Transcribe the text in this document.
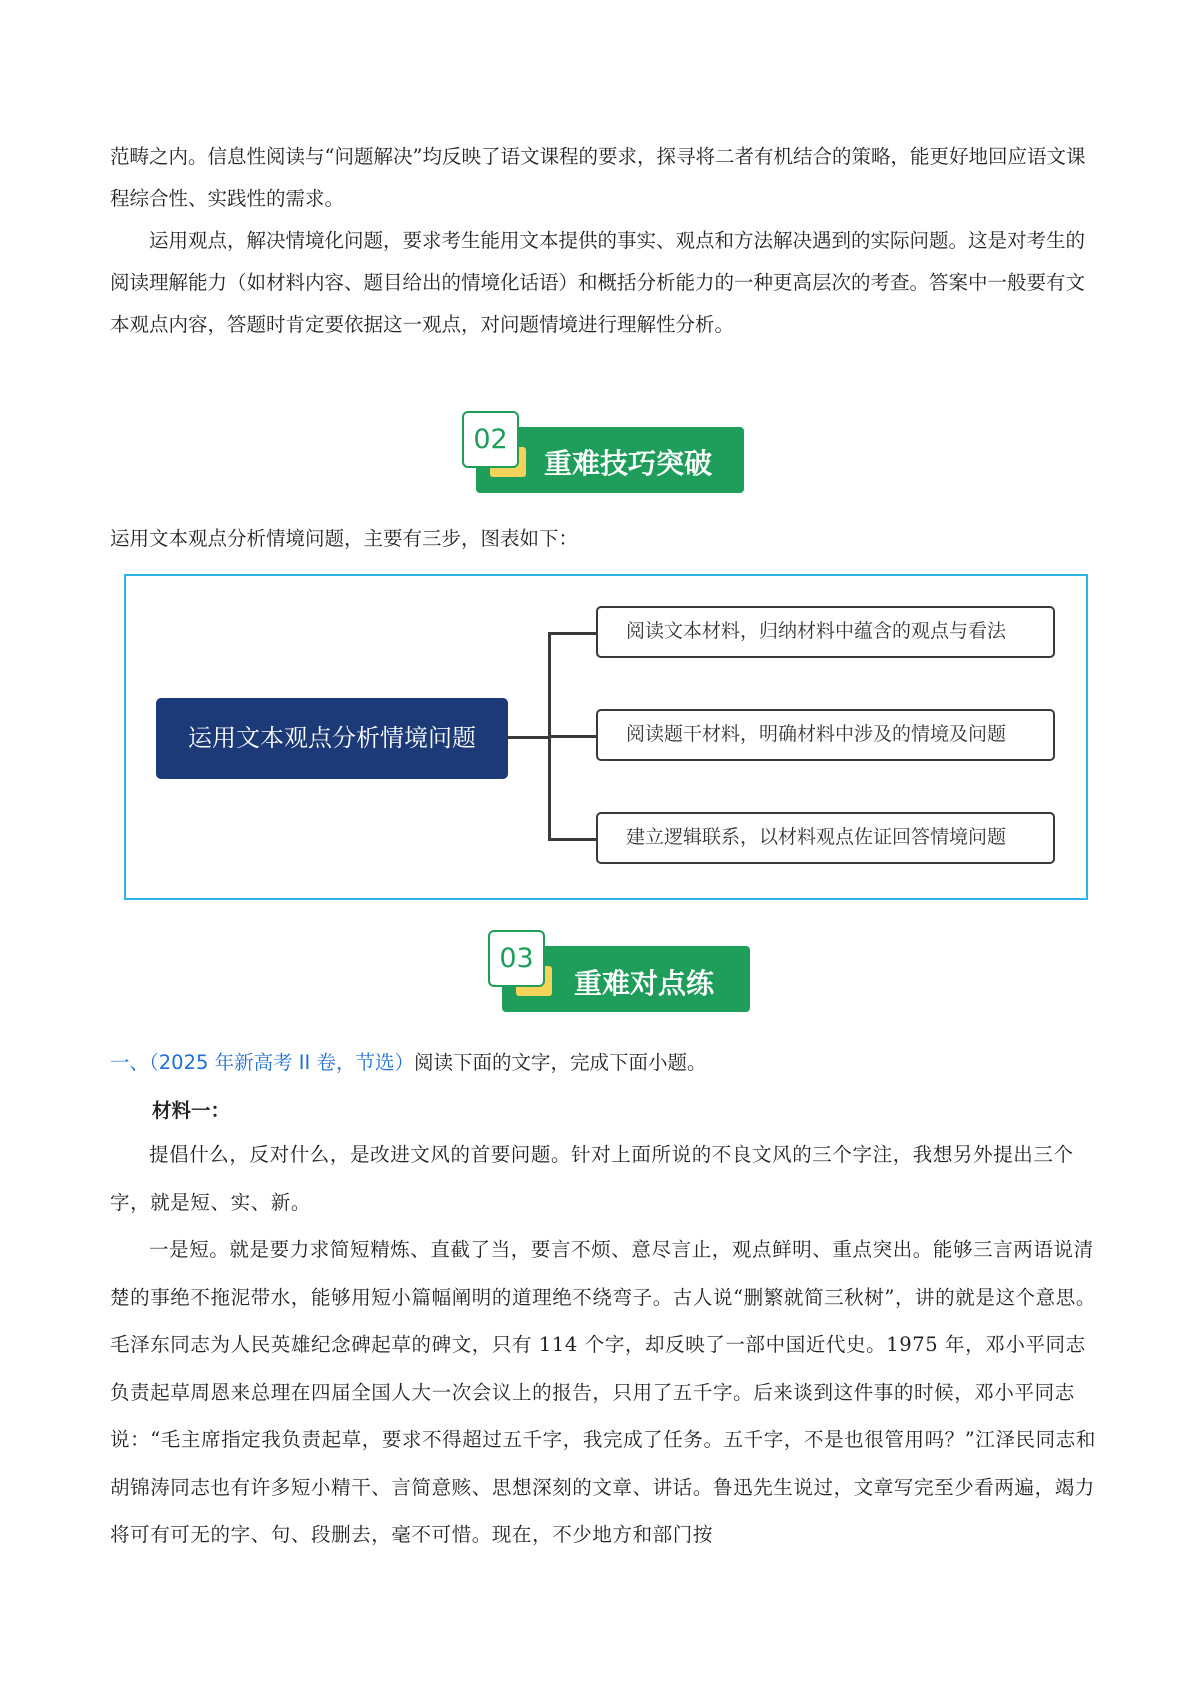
范畴之内。信息性阅读与“问题解决”均反映了语文课程的要求，探寻将二者有机结合的策略，能更好地回应语文课程综合性、实践性的需求。

运用观点，解决情境化问题，要求考生能用文本提供的事实、观点和方法解决遇到的实际问题。这是对考生的阅读理解能力（如材料内容、题目给出的情境化话语）和概括分析能力的一种更高层次的考查。答案中一般要有文本观点内容，答题时肯定要依据这一观点，对问题情境进行理解性分析。

02
重难技巧突破

运用文本观点分析情境问题，主要有三步，图表如下：

运用文本观点分析情境问题
阅读文本材料，归纳材料中蕴含的观点与看法
阅读题干材料，明确材料中涉及的情境及问题
建立逻辑联系，以材料观点佐证回答情境问题
03
重难对点练
一、（2025 年新高考 II 卷，节选）阅读下面的文字，完成下面小题。
材料一：

提倡什么，反对什么，是改进文风的首要问题。针对上面所说的不良文风的三个字注，我想另外提出三个字，就是短、实、新。

一是短。就是要力求简短精炼、直截了当，要言不烦、意尽言止，观点鲜明、重点突出。能够三言两语说清楚的事绝不拖泥带水，能够用短小篇幅阐明的道理绝不绕弯子。古人说“删繁就简三秋树”，讲的就是这个意思。毛泽东同志为人民英雄纪念碑起草的碑文，只有 114 个字，却反映了一部中国近代史。1975 年，邓小平同志负责起草周恩来总理在四届全国人大一次会议上的报告，只用了五千字。后来谈到这件事的时候，邓小平同志说：“毛主席指定我负责起草，要求不得超过五千字，我完成了任务。五千字，不是也很管用吗？”江泽民同志和胡锦涛同志也有许多短小精干、言简意赅、思想深刻的文章、讲话。鲁迅先生说过，文章写完至少看两遍，竭力将可有可无的字、句、段删去，毫不可惜。现在，不少地方和部门按
